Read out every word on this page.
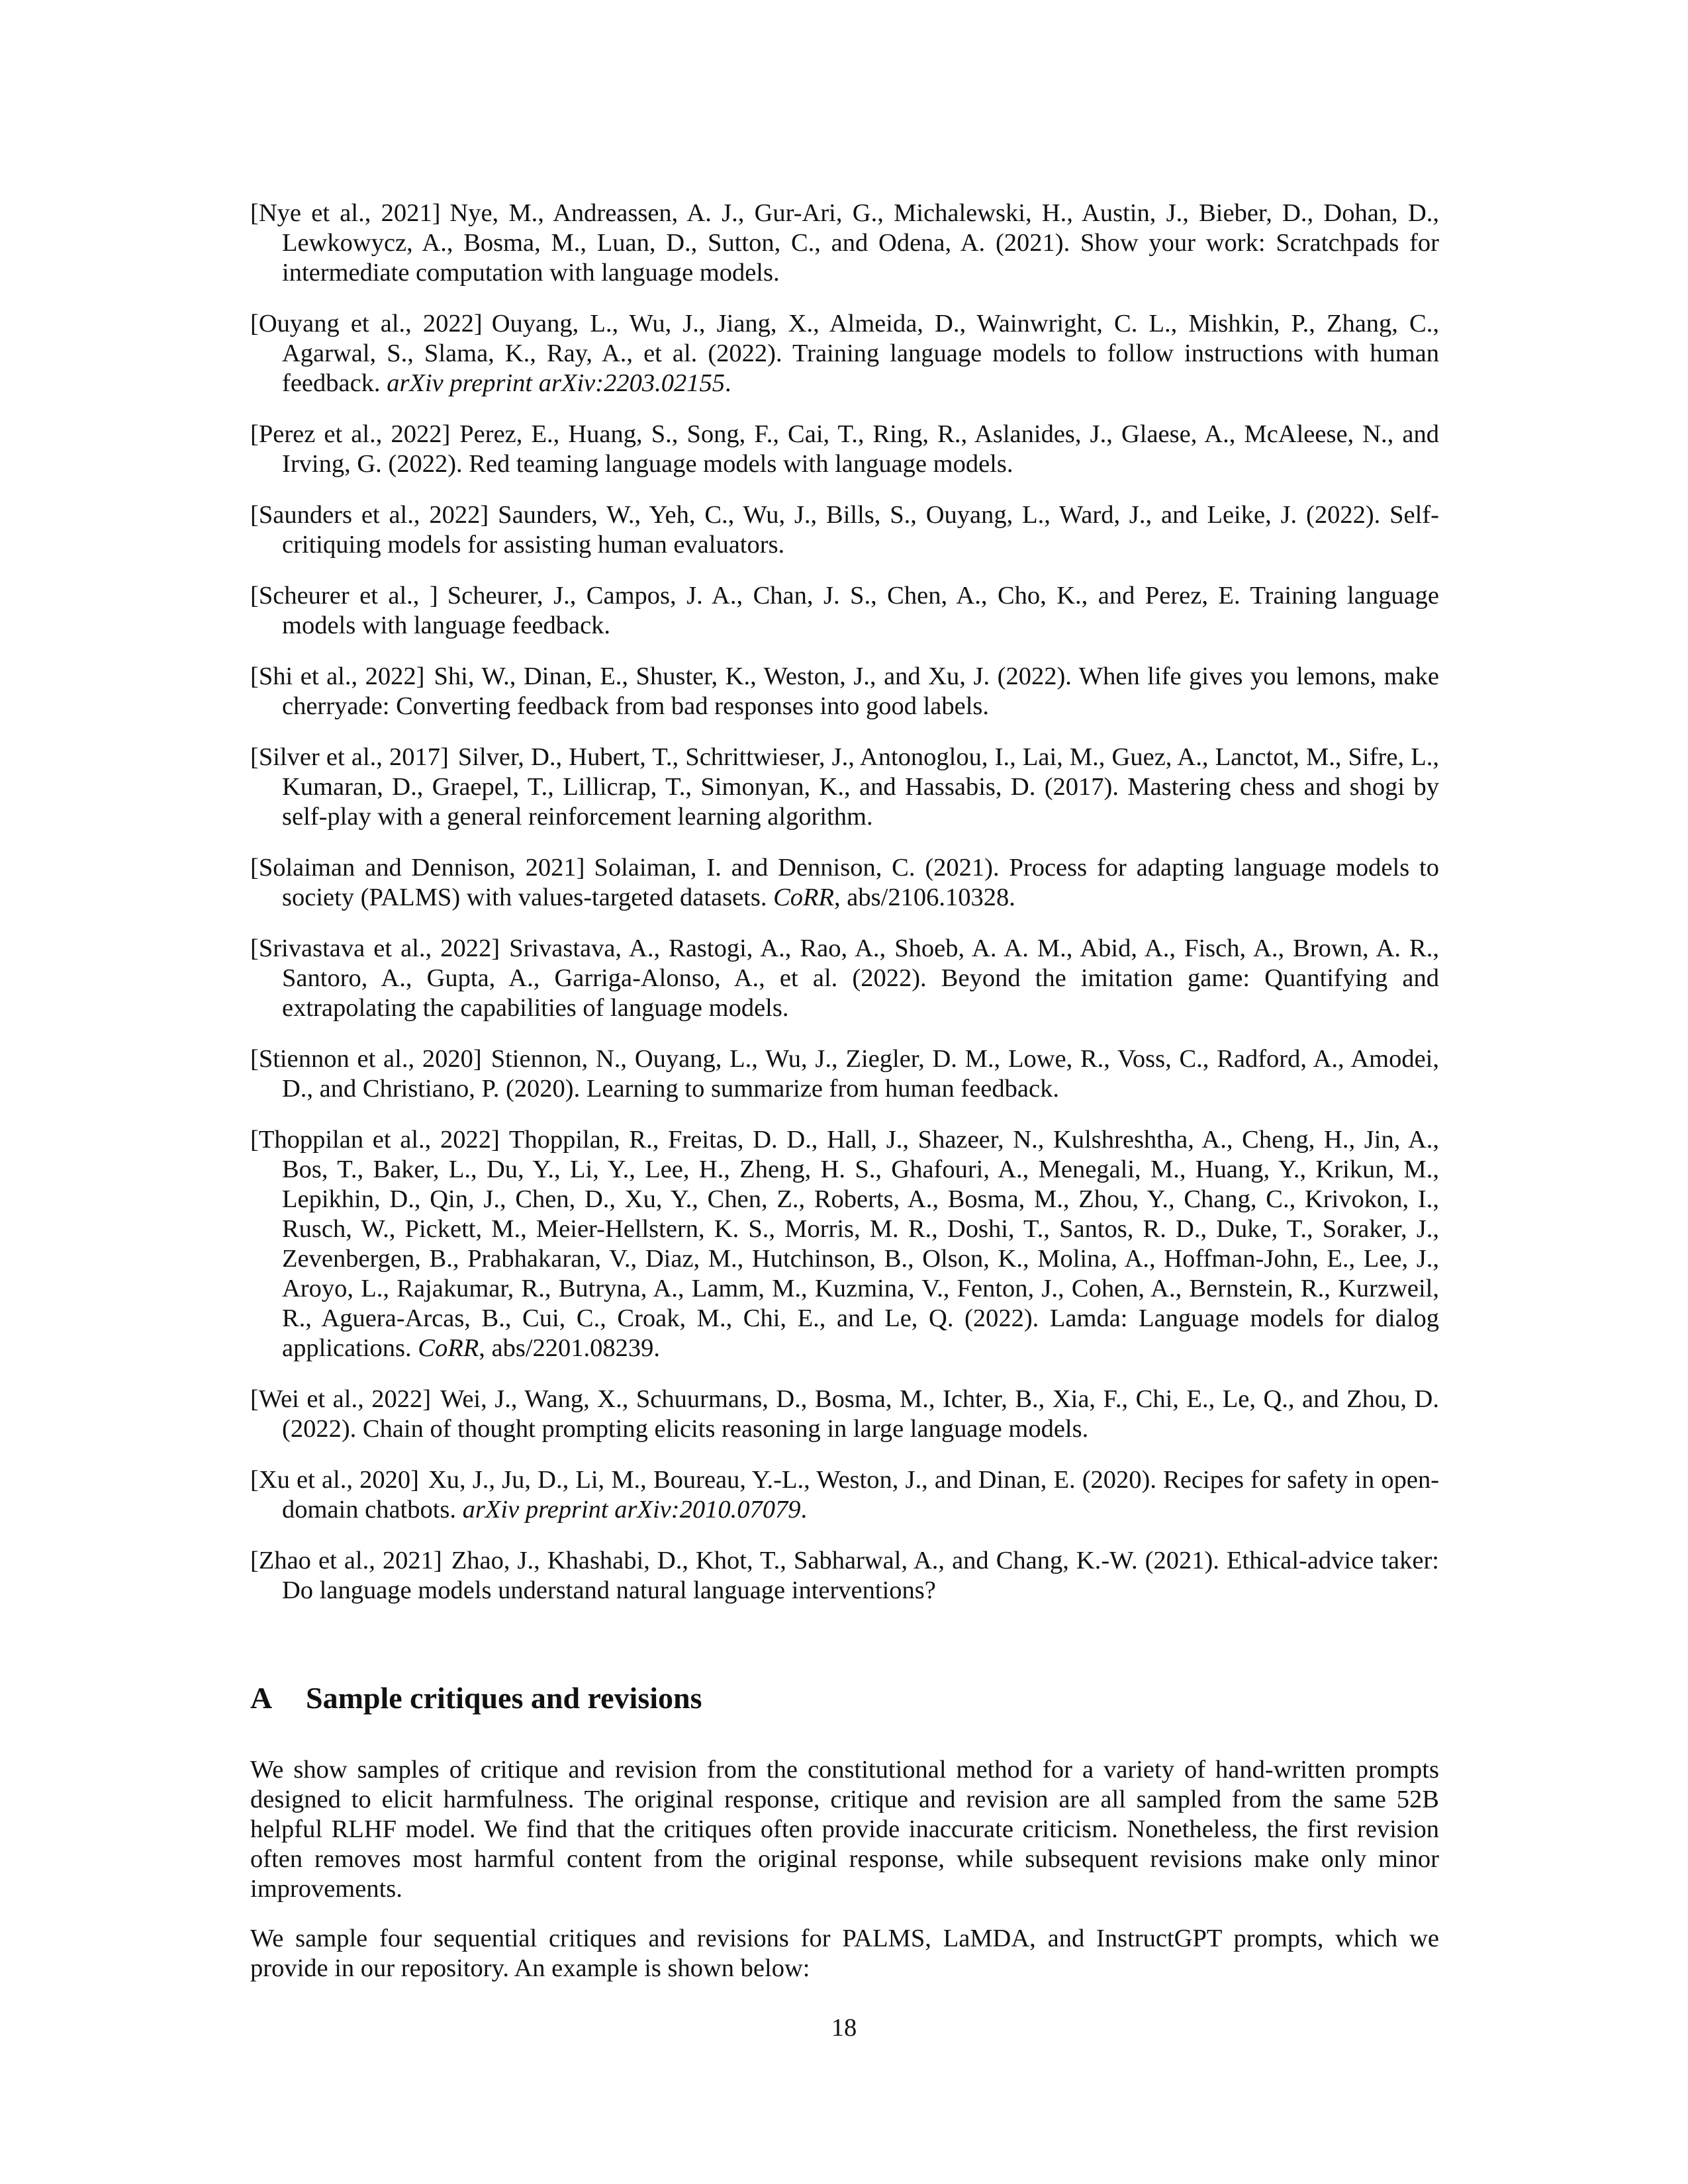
[Nye et al., 2021] Nye, M., Andreassen, A. J., Gur-Ari, G., Michalewski, H., Austin, J., Bieber, D., Dohan, D., Lewkowycz, A., Bosma, M., Luan, D., Sutton, C., and Odena, A. (2021). Show your work: Scratchpads for intermediate computation with language models.
[Ouyang et al., 2022] Ouyang, L., Wu, J., Jiang, X., Almeida, D., Wainwright, C. L., Mishkin, P., Zhang, C., Agarwal, S., Slama, K., Ray, A., et al. (2022). Training language models to follow instructions with human feedback. arXiv preprint arXiv:2203.02155.
[Perez et al., 2022] Perez, E., Huang, S., Song, F., Cai, T., Ring, R., Aslanides, J., Glaese, A., McAleese, N., and Irving, G. (2022). Red teaming language models with language models.
[Saunders et al., 2022] Saunders, W., Yeh, C., Wu, J., Bills, S., Ouyang, L., Ward, J., and Leike, J. (2022). Self-critiquing models for assisting human evaluators.
[Scheurer et al., ] Scheurer, J., Campos, J. A., Chan, J. S., Chen, A., Cho, K., and Perez, E. Training language models with language feedback.
[Shi et al., 2022] Shi, W., Dinan, E., Shuster, K., Weston, J., and Xu, J. (2022). When life gives you lemons, make cherryade: Converting feedback from bad responses into good labels.
[Silver et al., 2017] Silver, D., Hubert, T., Schrittwieser, J., Antonoglou, I., Lai, M., Guez, A., Lanctot, M., Sifre, L., Kumaran, D., Graepel, T., Lillicrap, T., Simonyan, K., and Hassabis, D. (2017). Mastering chess and shogi by self-play with a general reinforcement learning algorithm.
[Solaiman and Dennison, 2021] Solaiman, I. and Dennison, C. (2021). Process for adapting language models to society (PALMS) with values-targeted datasets. CoRR, abs/2106.10328.
[Srivastava et al., 2022] Srivastava, A., Rastogi, A., Rao, A., Shoeb, A. A. M., Abid, A., Fisch, A., Brown, A. R., Santoro, A., Gupta, A., Garriga-Alonso, A., et al. (2022). Beyond the imitation game: Quantifying and extrapolating the capabilities of language models.
[Stiennon et al., 2020] Stiennon, N., Ouyang, L., Wu, J., Ziegler, D. M., Lowe, R., Voss, C., Radford, A., Amodei, D., and Christiano, P. (2020). Learning to summarize from human feedback.
[Thoppilan et al., 2022] Thoppilan, R., Freitas, D. D., Hall, J., Shazeer, N., Kulshreshtha, A., Cheng, H., Jin, A., Bos, T., Baker, L., Du, Y., Li, Y., Lee, H., Zheng, H. S., Ghafouri, A., Menegali, M., Huang, Y., Krikun, M., Lepikhin, D., Qin, J., Chen, D., Xu, Y., Chen, Z., Roberts, A., Bosma, M., Zhou, Y., Chang, C., Krivokon, I., Rusch, W., Pickett, M., Meier-Hellstern, K. S., Morris, M. R., Doshi, T., Santos, R. D., Duke, T., Soraker, J., Zevenbergen, B., Prabhakaran, V., Diaz, M., Hutchinson, B., Olson, K., Molina, A., Hoffman-John, E., Lee, J., Aroyo, L., Rajakumar, R., Butryna, A., Lamm, M., Kuzmina, V., Fenton, J., Cohen, A., Bernstein, R., Kurzweil, R., Aguera-Arcas, B., Cui, C., Croak, M., Chi, E., and Le, Q. (2022). Lamda: Language models for dialog applications. CoRR, abs/2201.08239.
[Wei et al., 2022] Wei, J., Wang, X., Schuurmans, D., Bosma, M., Ichter, B., Xia, F., Chi, E., Le, Q., and Zhou, D. (2022). Chain of thought prompting elicits reasoning in large language models.
[Xu et al., 2020] Xu, J., Ju, D., Li, M., Boureau, Y.-L., Weston, J., and Dinan, E. (2020). Recipes for safety in open-domain chatbots. arXiv preprint arXiv:2010.07079.
[Zhao et al., 2021] Zhao, J., Khashabi, D., Khot, T., Sabharwal, A., and Chang, K.-W. (2021). Ethical-advice taker: Do language models understand natural language interventions?
A Sample critiques and revisions

We show samples of critique and revision from the constitutional method for a variety of hand-written prompts designed to elicit harmfulness. The original response, critique and revision are all sampled from the same 52B helpful RLHF model. We find that the critiques often provide inaccurate criticism. Nonetheless, the first revision often removes most harmful content from the original response, while subsequent revisions make only minor improvements.

We sample four sequential critiques and revisions for PALMS, LaMDA, and InstructGPT prompts, which we provide in our repository. An example is shown below:

18
